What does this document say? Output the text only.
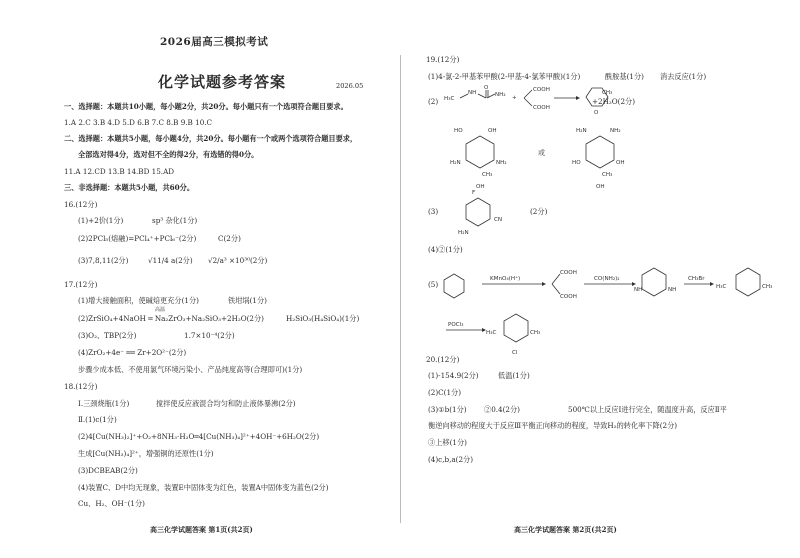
2026届高三模拟考试
化学试题参考答案	2026.05
一、选择题：本题共10小题，每小题2分，共20分。每小题只有一个选项符合题目要求。
1.A 2.C 3.B 4.D 5.D 6.B 7.C 8.B 9.B 10.C
二、选择题：本题共5小题，每小题4分，共20分。每小题有一个或两个选项符合题目要求，
全部选对得4分，选对但不全的得2分，有选错的得0分。
11.A 12.CD 13.B 14.BD 15.AD
三、非选择题：本题共5小题，共60分。
16.(12分)
(1)+2价(1分)	sp³ 杂化(1分)
(2)2PCl₅(熔融)=PCl₄⁺+PCl₆⁻(2分)	C(2分)
(3)7,8,11(2分)	√11/4 a(2分) √2/a³ ×10³⁰(2分)
17.(12分)
(1)增大接触面积，使碱焙更充分(1分)	铁坩埚(1分)
高温
(2)ZrSiO₄+4NaOH ═ Na₂ZrO₃+Na₂SiO₃+2H₂O(2分)	H₂SiO₃(H₄SiO₄)(1分)
(3)O₂、TBP(2分)	1.7×10⁻⁴(2分)
(4)ZrO₂+4e⁻ ══ Zr+2O²⁻(2分)
步骤少成本低、不使用氯气环境污染小、产品纯度高等(合理即可)(1分)
18.(12分)
Ⅰ.三颈烧瓶(1分)	搅拌使反应液混合均匀和防止液体暴沸(2分)
Ⅱ.(1)c(1分)
(2)4[Cu(NH₃)₂]⁺+O₂+8NH₃·H₂O═4[Cu(NH₃)₄]²⁺+4OH⁻+6H₂O(2分)
生成[Cu(NH₃)₄]²⁺，增强铜的还原性(1分)
(3)DCBEAB(2分)
(4)装置C、D中均无现象，装置E中固体变为红色，装置A中固体变为蓝色(2分)
Cu、H₂、OH⁻(1分)
高三化学试题答案 第1页(共2页)
19.(12分)
(1)4-氯-2-甲基苯甲酸(2-甲基-4-氯苯甲酸)(1分)	酰胺基(1分) 消去反应(1分)
(2) H₃C
NH
O
NH₂ +
COOH
COOH
CH₃
O
+2H₂O(2分)
HO	OH
H₂N	NH₂
CH₃
OH
或
H₂N	NH₂
HO	OH
CH₃
OH
(3)
F
CN
H₂N
(2分)
(4)②(1分)
(5)
KMnO₄(H⁺)
COOH
COOH
CO(NH₂)₂
NH	NH
CH₃Br
H₃C	CH₃
POCl₃
H₃C	CH₃
Cl
20.(12分)
(1)-154.9(2分)	低温(1分)
(2)C(1分)
(3)①b(1分) ②0.4(2分)	500℃以上反应Ⅰ进行完全，随温度升高，反应Ⅱ平
衡逆向移动的程度大于反应Ⅲ平衡正向移动的程度，导致H₂的转化率下降(2分)
③上移(1分)
(4)c,b,a(2分)
高三化学试题答案 第2页(共2页)
